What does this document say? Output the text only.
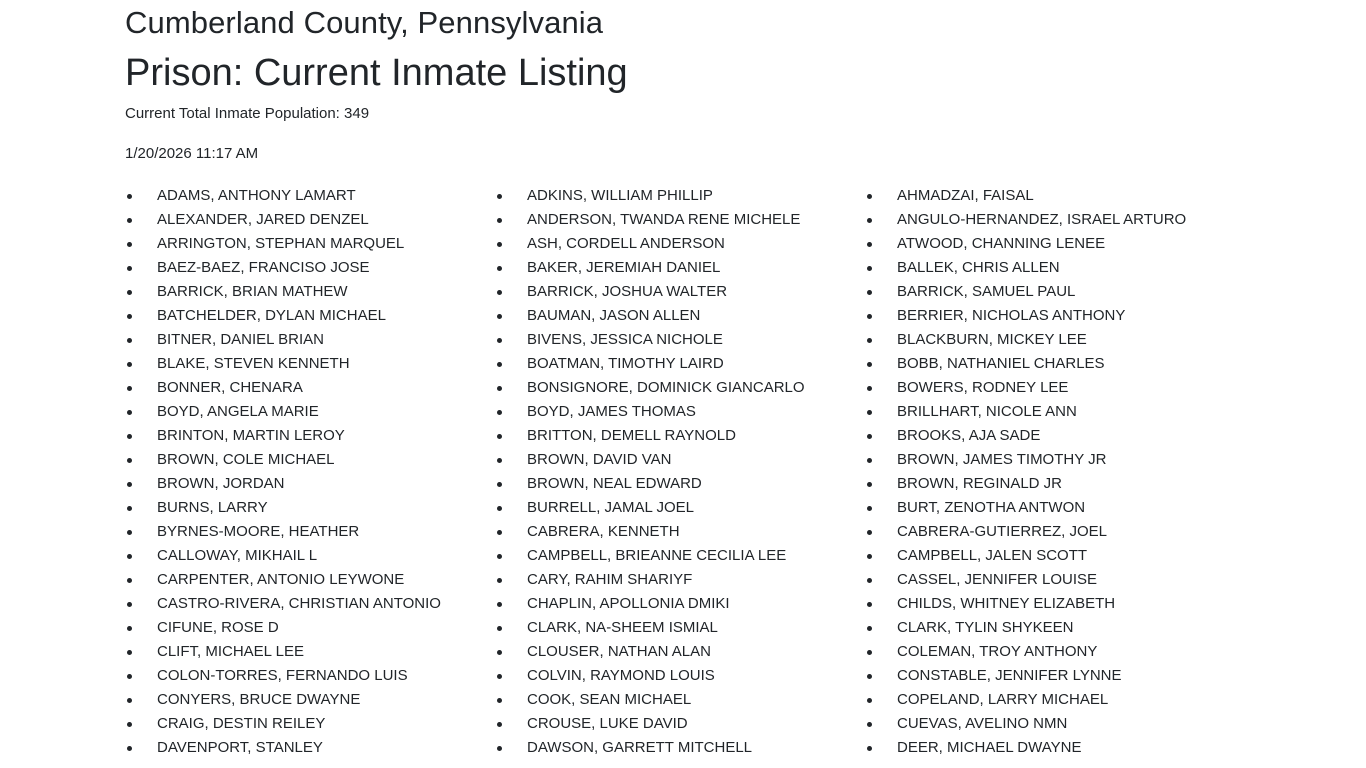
Cumberland County, Pennsylvania
Prison: Current Inmate Listing

Current Total Inmate Population: 349

1/20/2026 11:17 AM

ADAMS, ANTHONY LAMART
ALEXANDER, JARED DENZEL
ARRINGTON, STEPHAN MARQUEL
BAEZ-BAEZ, FRANCISO JOSE
BARRICK, BRIAN MATHEW
BATCHELDER, DYLAN MICHAEL
BITNER, DANIEL BRIAN
BLAKE, STEVEN KENNETH
BONNER, CHENARA
BOYD, ANGELA MARIE
BRINTON, MARTIN LEROY
BROWN, COLE MICHAEL
BROWN, JORDAN
BURNS, LARRY
BYRNES-MOORE, HEATHER
CALLOWAY, MIKHAIL L
CARPENTER, ANTONIO LEYWONE
CASTRO-RIVERA, CHRISTIAN ANTONIO
CIFUNE, ROSE D
CLIFT, MICHAEL LEE
COLON-TORRES, FERNANDO LUIS
CONYERS, BRUCE DWAYNE
CRAIG, DESTIN REILEY
DAVENPORT, STANLEY
ADKINS, WILLIAM PHILLIP
ANDERSON, TWANDA RENE MICHELE
ASH, CORDELL ANDERSON
BAKER, JEREMIAH DANIEL
BARRICK, JOSHUA WALTER
BAUMAN, JASON ALLEN
BIVENS, JESSICA NICHOLE
BOATMAN, TIMOTHY LAIRD
BONSIGNORE, DOMINICK GIANCARLO
BOYD, JAMES THOMAS
BRITTON, DEMELL RAYNOLD
BROWN, DAVID VAN
BROWN, NEAL EDWARD
BURRELL, JAMAL JOEL
CABRERA, KENNETH
CAMPBELL, BRIEANNE CECILIA LEE
CARY, RAHIM SHARIYF
CHAPLIN, APOLLONIA DMIKI
CLARK, NA-SHEEM ISMIAL
CLOUSER, NATHAN ALAN
COLVIN, RAYMOND LOUIS
COOK, SEAN MICHAEL
CROUSE, LUKE DAVID
DAWSON, GARRETT MITCHELL
AHMADZAI, FAISAL
ANGULO-HERNANDEZ, ISRAEL ARTURO
ATWOOD, CHANNING LENEE
BALLEK, CHRIS ALLEN
BARRICK, SAMUEL PAUL
BERRIER, NICHOLAS ANTHONY
BLACKBURN, MICKEY LEE
BOBB, NATHANIEL CHARLES
BOWERS, RODNEY LEE
BRILLHART, NICOLE ANN
BROOKS, AJA SADE
BROWN, JAMES TIMOTHY JR
BROWN, REGINALD JR
BURT, ZENOTHA ANTWON
CABRERA-GUTIERREZ, JOEL
CAMPBELL, JALEN SCOTT
CASSEL, JENNIFER LOUISE
CHILDS, WHITNEY ELIZABETH
CLARK, TYLIN SHYKEEN
COLEMAN, TROY ANTHONY
CONSTABLE, JENNIFER LYNNE
COPELAND, LARRY MICHAEL
CUEVAS, AVELINO NMN
DEER, MICHAEL DWAYNE
